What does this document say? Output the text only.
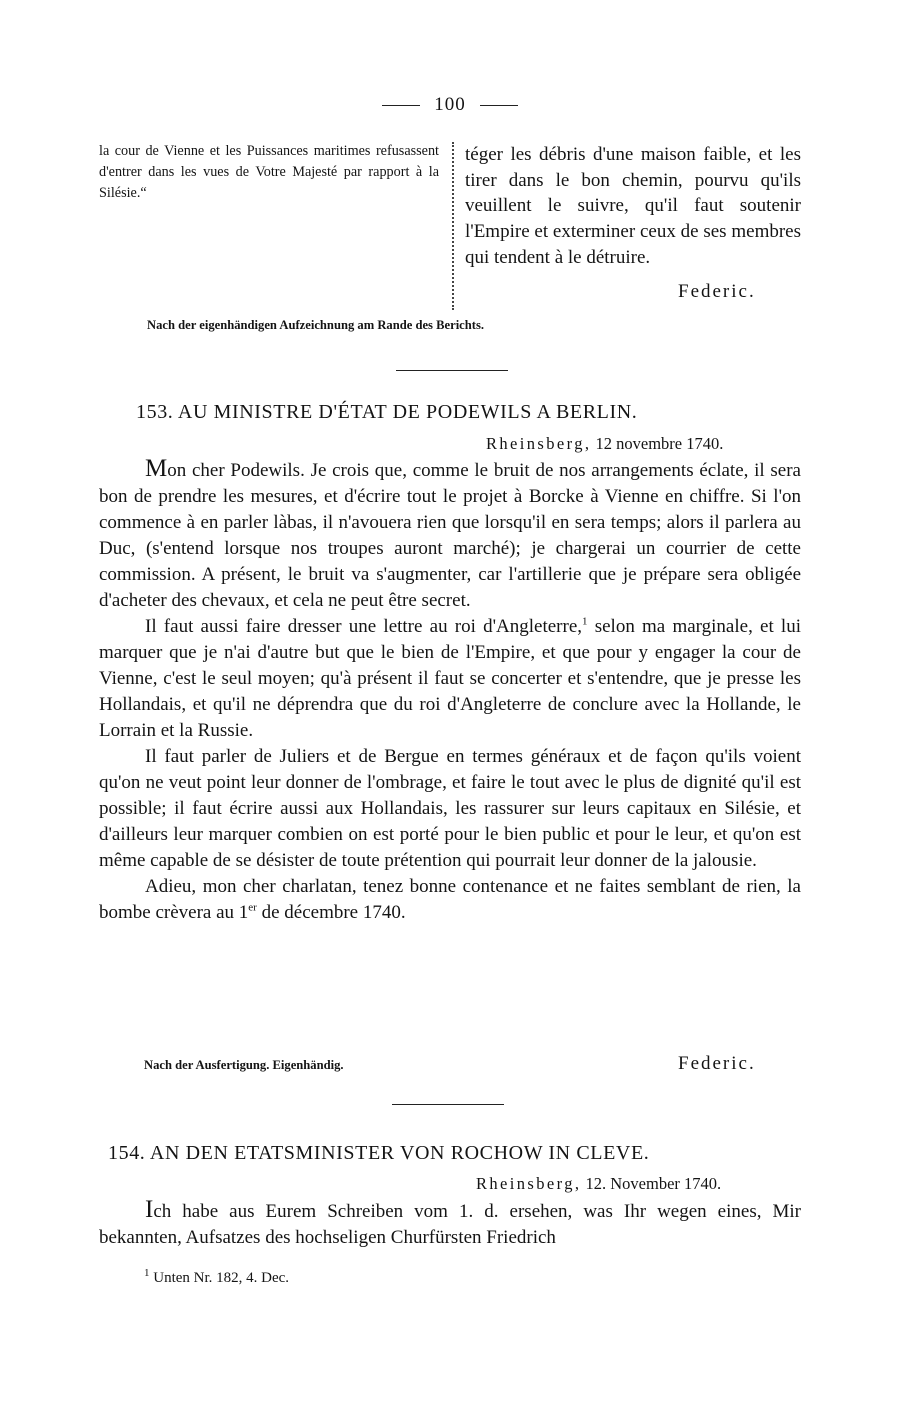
100
la cour de Vienne et les Puissances maritimes refusassent d'entrer dans les vues de Votre Majesté par rapport à la Silésie.“
téger les débris d'une maison faible, et les tirer dans le bon chemin, pourvu qu'ils veuillent le suivre, qu'il faut soutenir l'Empire et exterminer ceux de ses membres qui tendent à le détruire.
Federic.
Nach der eigenhändigen Aufzeichnung am Rande des Berichts.
153. AU MINISTRE D'ÉTAT DE PODEWILS A BERLIN.
Rheinsberg, 12 novembre 1740.

Mon cher Podewils. Je crois que, comme le bruit de nos arrangements éclate, il sera bon de prendre les mesures, et d'écrire tout le projet à Borcke à Vienne en chiffre. Si l'on commence à en parler làbas, il n'avouera rien que lorsqu'il en sera temps; alors il parlera au Duc, (s'entend lorsque nos troupes auront marché); je chargerai un courrier de cette commission. A présent, le bruit va s'augmenter, car l'artillerie que je prépare sera obligée d'acheter des chevaux, et cela ne peut être secret.

Il faut aussi faire dresser une lettre au roi d'Angleterre,$^1$ selon ma marginale, et lui marquer que je n'ai d'autre but que le bien de l'Empire, et que pour y engager la cour de Vienne, c'est le seul moyen; qu'à présent il faut se concerter et s'entendre, que je presse les Hollandais, et qu'il ne déprendra que du roi d'Angleterre de conclure avec la Hollande, le Lorrain et la Russie.

Il faut parler de Juliers et de Bergue en termes généraux et de façon qu'ils voient qu'on ne veut point leur donner de l'ombrage, et faire le tout avec le plus de dignité qu'il est possible; il faut écrire aussi aux Hollandais, les rassurer sur leurs capitaux en Silésie, et d'ailleurs leur marquer combien on est porté pour le bien public et pour le leur, et qu'on est même capable de se désister de toute prétention qui pourrait leur donner de la jalousie.

Adieu, mon cher charlatan, tenez bonne contenance et ne faites semblant de rien, la bombe crèvera au 1er de décembre 1740.

Nach der Ausfertigung. Eigenhändig.	Federic.
154. AN DEN ETATSMINISTER VON ROCHOW IN CLEVE.
Rheinsberg, 12. November 1740.

Ich habe aus Eurem Schreiben vom 1. d. ersehen, was Ihr wegen eines, Mir bekannten, Aufsatzes des hochseligen Churfürsten Friedrich

$^1$ Unten Nr. 182, 4. Dec.
